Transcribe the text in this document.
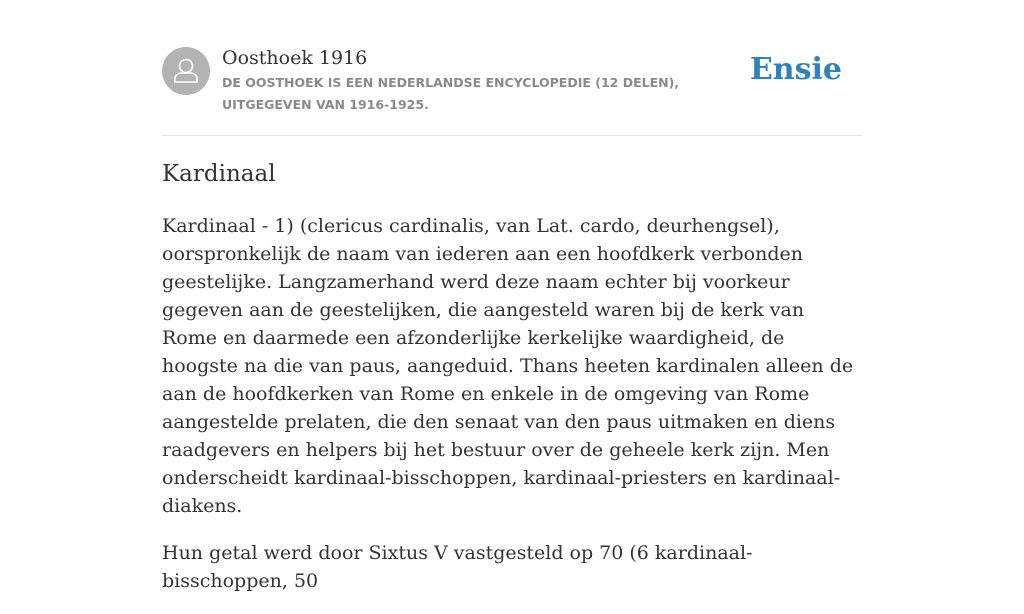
Oosthoek 1916
DE OOSTHOEK IS EEN NEDERLANDSE ENCYCLOPEDIE (12 DELEN), UITGEGEVEN VAN 1916-1925.
Ensie
Kardinaal

Kardinaal - 1) (clericus cardinalis, van Lat. cardo, deurhengsel), oorspronkelijk de naam van iederen aan een hoofdkerk verbonden geestelijke. Langzamerhand werd deze naam echter bij voorkeur gegeven aan de geestelijken, die aangesteld waren bij de kerk van Rome en daarmede een afzonderlijke kerkelijke waardigheid, de hoogste na die van paus, aangeduid. Thans heeten kardinalen alleen de aan de hoofdkerken van Rome en enkele in de omgeving van Rome aangestelde prelaten, die den senaat van den paus uitmaken en diens raadgevers en helpers bij het bestuur over de geheele kerk zijn. Men onderscheidt kardinaal-bisschoppen, kardinaal-priesters en kardinaal-diakens.

Hun getal werd door Sixtus V vastgesteld op 70 (6 kardinaal-bisschoppen, 50
